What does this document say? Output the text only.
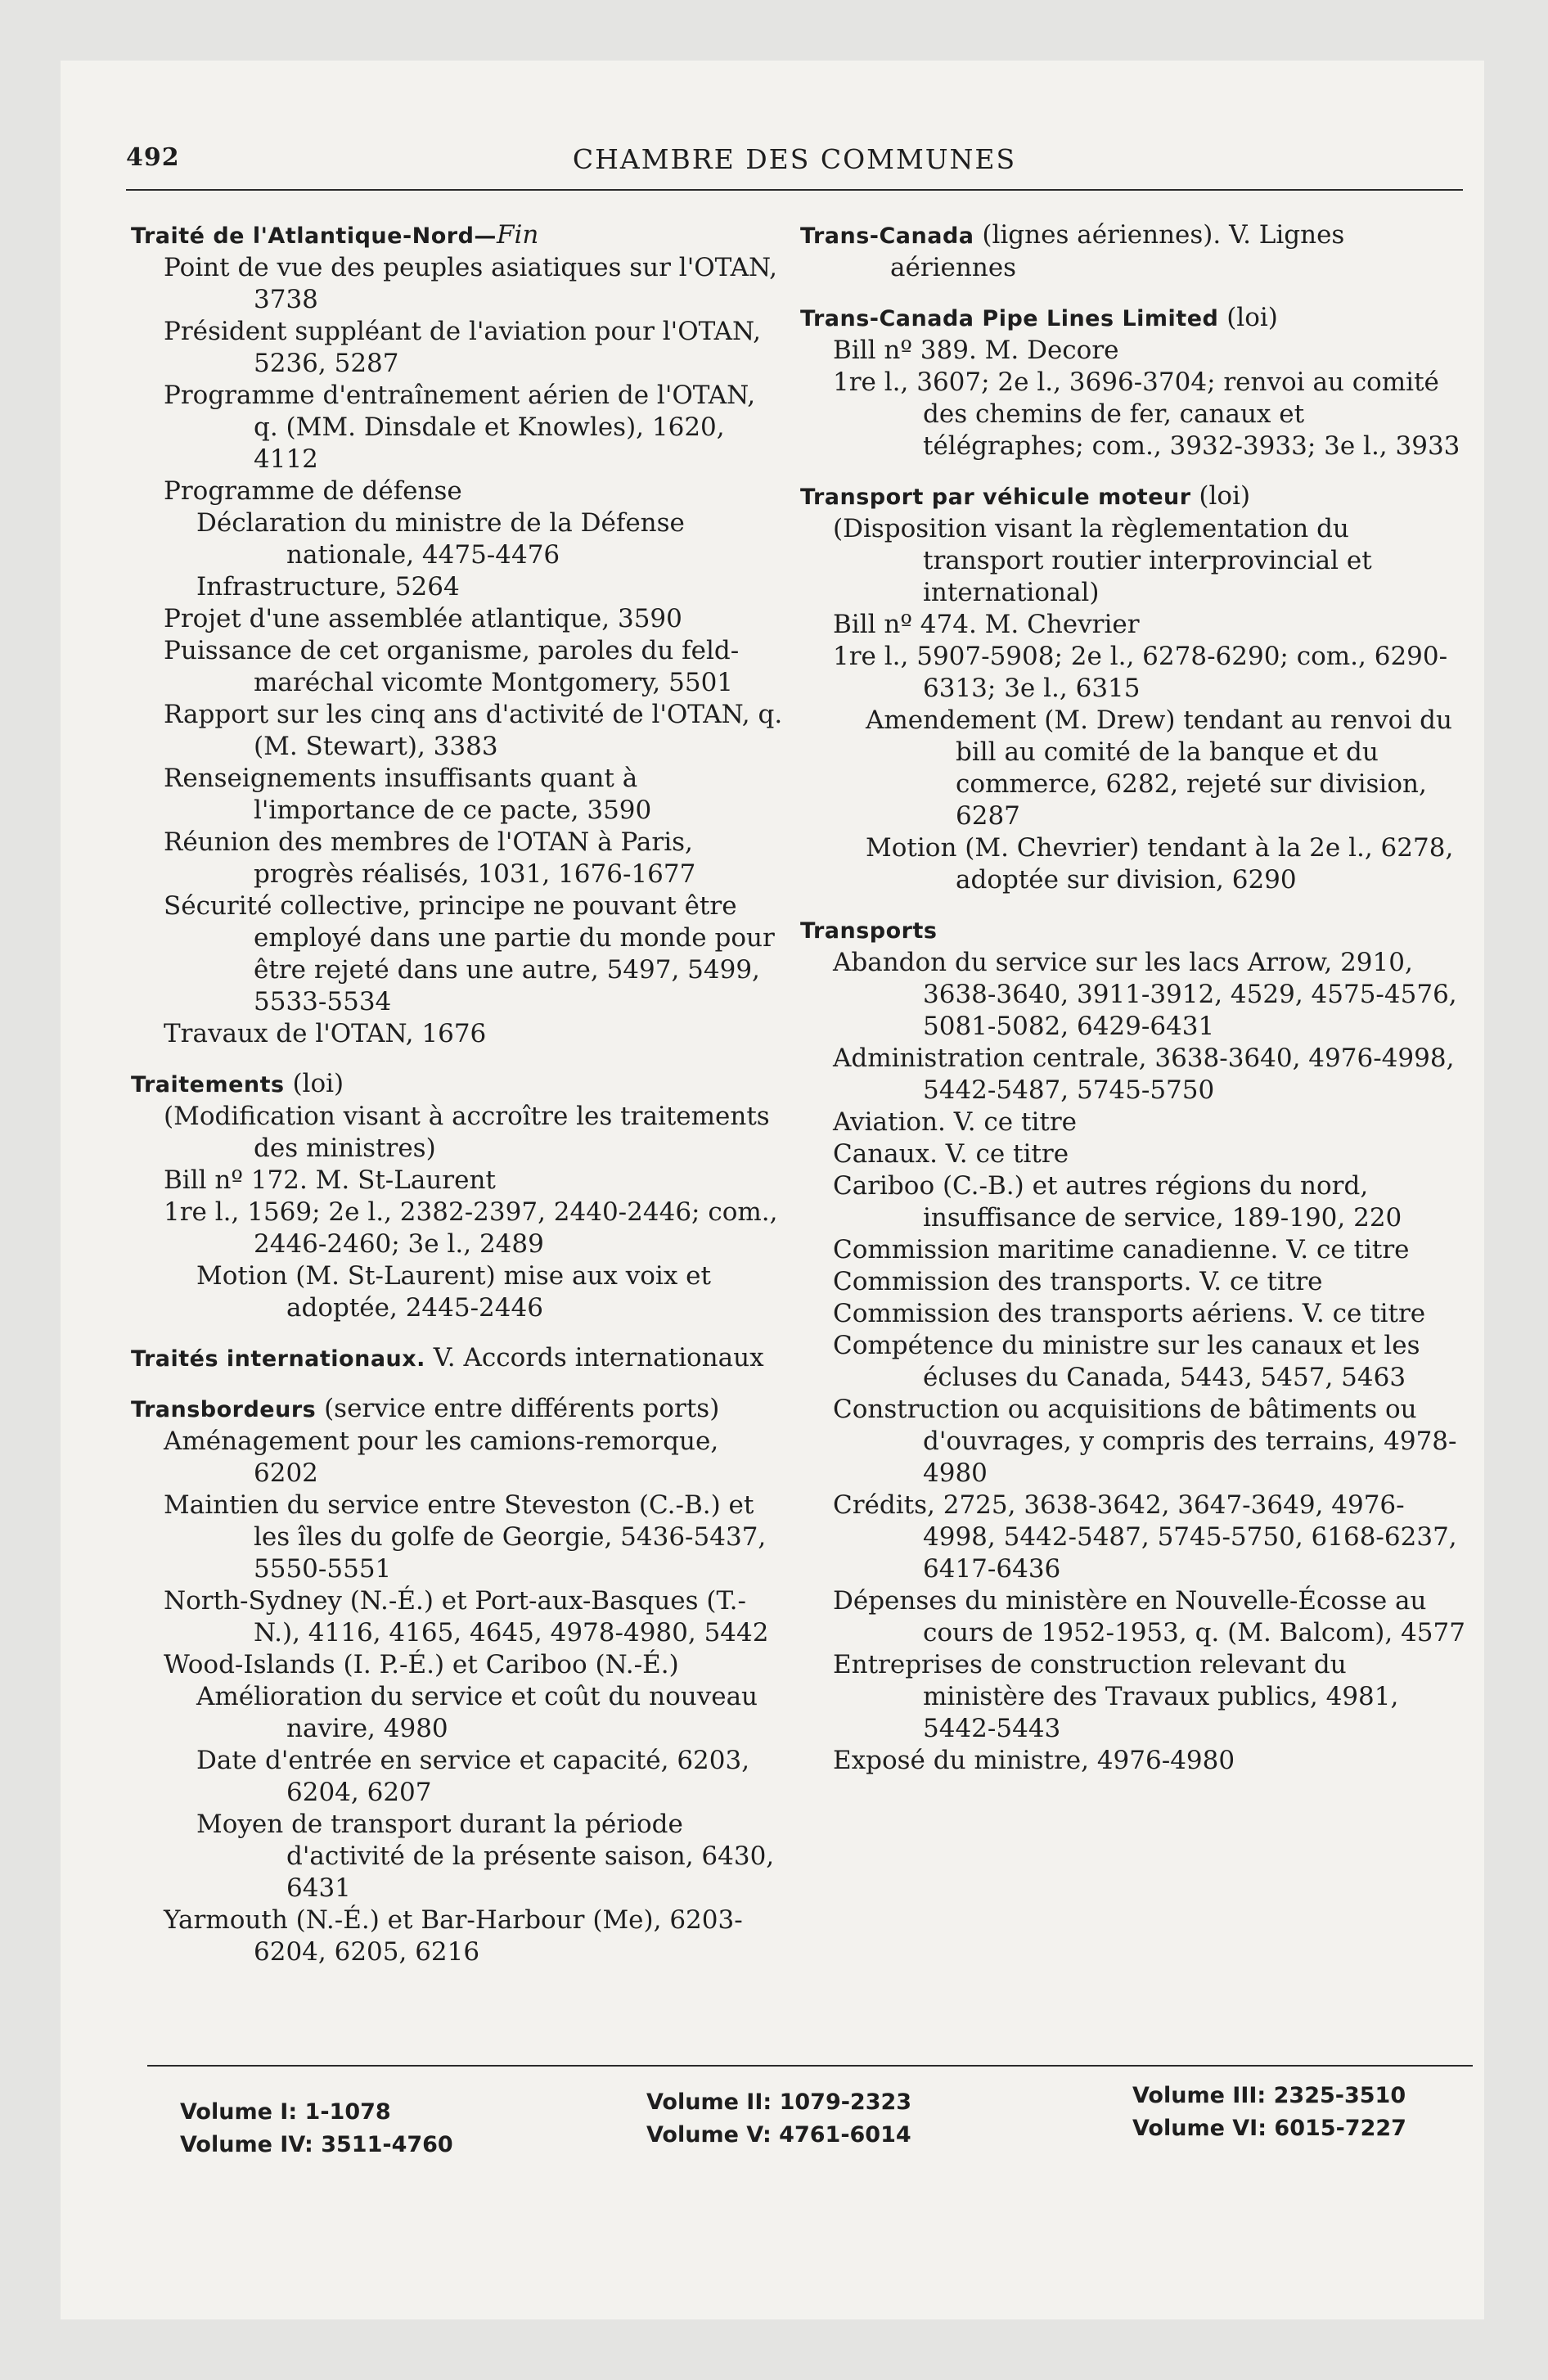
492	CHAMBRE DES COMMUNES

Traité de l'Atlantique-Nord—Fin

Point de vue des peuples asiatiques sur l'OTAN, 3738

Président suppléant de l'aviation pour l'OTAN, 5236, 5287

Programme d'entraînement aérien de l'OTAN, q. (MM. Dinsdale et Knowles), 1620, 4112

Programme de défense

Déclaration du ministre de la Défense nationale, 4475-4476

Infrastructure, 5264

Projet d'une assemblée atlantique, 3590

Puissance de cet organisme, paroles du feld-maréchal vicomte Montgomery, 5501

Rapport sur les cinq ans d'activité de l'OTAN, q. (M. Stewart), 3383

Renseignements insuffisants quant à l'importance de ce pacte, 3590

Réunion des membres de l'OTAN à Paris, progrès réalisés, 1031, 1676-1677

Sécurité collective, principe ne pouvant être employé dans une partie du monde pour être rejeté dans une autre, 5497, 5499, 5533-5534

Travaux de l'OTAN, 1676

Traitements (loi)

(Modification visant à accroître les traitements des ministres)

Bill nº 172. M. St-Laurent

1re l., 1569; 2e l., 2382-2397, 2440-2446; com., 2446-2460; 3e l., 2489

Motion (M. St-Laurent) mise aux voix et adoptée, 2445-2446

Traités internationaux. V. Accords internationaux

Transbordeurs (service entre différents ports)

Aménagement pour les camions-remorque, 6202

Maintien du service entre Steveston (C.-B.) et les îles du golfe de Georgie, 5436-5437, 5550-5551

North-Sydney (N.-É.) et Port-aux-Basques (T.-N.), 4116, 4165, 4645, 4978-4980, 5442

Wood-Islands (I. P.-É.) et Cariboo (N.-É.)

Amélioration du service et coût du nouveau navire, 4980

Date d'entrée en service et capacité, 6203, 6204, 6207

Moyen de transport durant la période d'activité de la présente saison, 6430, 6431

Yarmouth (N.-É.) et Bar-Harbour (Me), 6203-6204, 6205, 6216

Trans-Canada (lignes aériennes). V. Lignes aériennes

Trans-Canada Pipe Lines Limited (loi)

Bill nº 389. M. Decore

1re l., 3607; 2e l., 3696-3704; renvoi au comité des chemins de fer, canaux et télégraphes; com., 3932-3933; 3e l., 3933

Transport par véhicule moteur (loi)

(Disposition visant la règlementation du transport routier interprovincial et international)

Bill nº 474. M. Chevrier

1re l., 5907-5908; 2e l., 6278-6290; com., 6290-6313; 3e l., 6315

Amendement (M. Drew) tendant au renvoi du bill au comité de la banque et du commerce, 6282, rejeté sur division, 6287

Motion (M. Chevrier) tendant à la 2e l., 6278, adoptée sur division, 6290

Transports

Abandon du service sur les lacs Arrow, 2910, 3638-3640, 3911-3912, 4529, 4575-4576, 5081-5082, 6429-6431

Administration centrale, 3638-3640, 4976-4998, 5442-5487, 5745-5750

Aviation. V. ce titre

Canaux. V. ce titre

Cariboo (C.-B.) et autres régions du nord, insuffisance de service, 189-190, 220

Commission maritime canadienne. V. ce titre

Commission des transports. V. ce titre

Commission des transports aériens. V. ce titre

Compétence du ministre sur les canaux et les écluses du Canada, 5443, 5457, 5463

Construction ou acquisitions de bâtiments ou d'ouvrages, y compris des terrains, 4978-4980

Crédits, 2725, 3638-3642, 3647-3649, 4976-4998, 5442-5487, 5745-5750, 6168-6237, 6417-6436

Dépenses du ministère en Nouvelle-Écosse au cours de 1952-1953, q. (M. Balcom), 4577

Entreprises de construction relevant du ministère des Travaux publics, 4981, 5442-5443

Exposé du ministre, 4976-4980

Volume I: 1-1078
Volume IV: 3511-4760
Volume II: 1079-2323
Volume V: 4761-6014
Volume III: 2325-3510
Volume VI: 6015-7227
